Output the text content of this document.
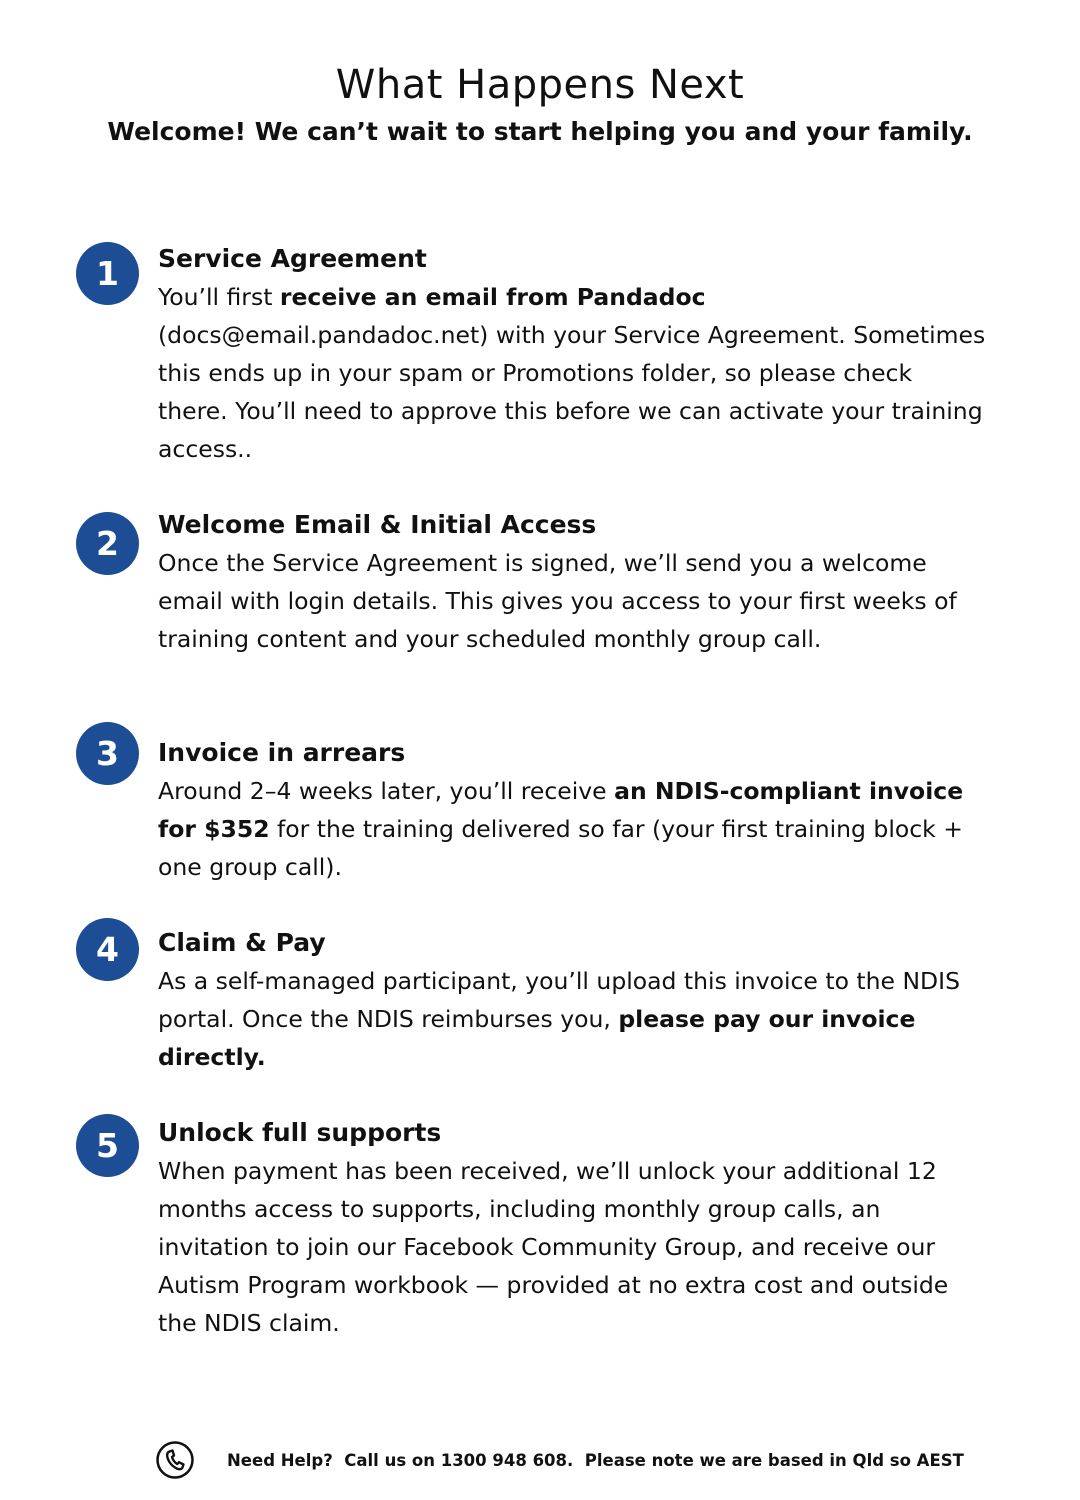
What Happens Next

Welcome! We can’t wait to start helping you and your family.

1	Service Agreement
You’ll first receive an email from Pandadoc (docs@email.pandadoc.net) with your Service Agreement. Sometimes this ends up in your spam or Promotions folder, so please check there. You’ll need to approve this before we can activate your training access..
2	Welcome Email & Initial Access
Once the Service Agreement is signed, we’ll send you a welcome email with login details. This gives you access to your first weeks of training content and your scheduled monthly group call.
3	Invoice in arrears
Around 2–4 weeks later, you’ll receive an NDIS-compliant invoice for $352 for the training delivered so far (your first training block + one group call).
4	Claim & Pay
As a self-managed participant, you’ll upload this invoice to the NDIS portal. Once the NDIS reimburses you, please pay our invoice directly.
5	Unlock full supports
When payment has been received, we’ll unlock your additional 12 months access to supports, including monthly group calls, an invitation to join our Facebook Community Group, and receive our Autism Program workbook — provided at no extra cost and outside the NDIS claim.
Need Help?  Call us on 1300 948 608.  Please note we are based in Qld so AEST
